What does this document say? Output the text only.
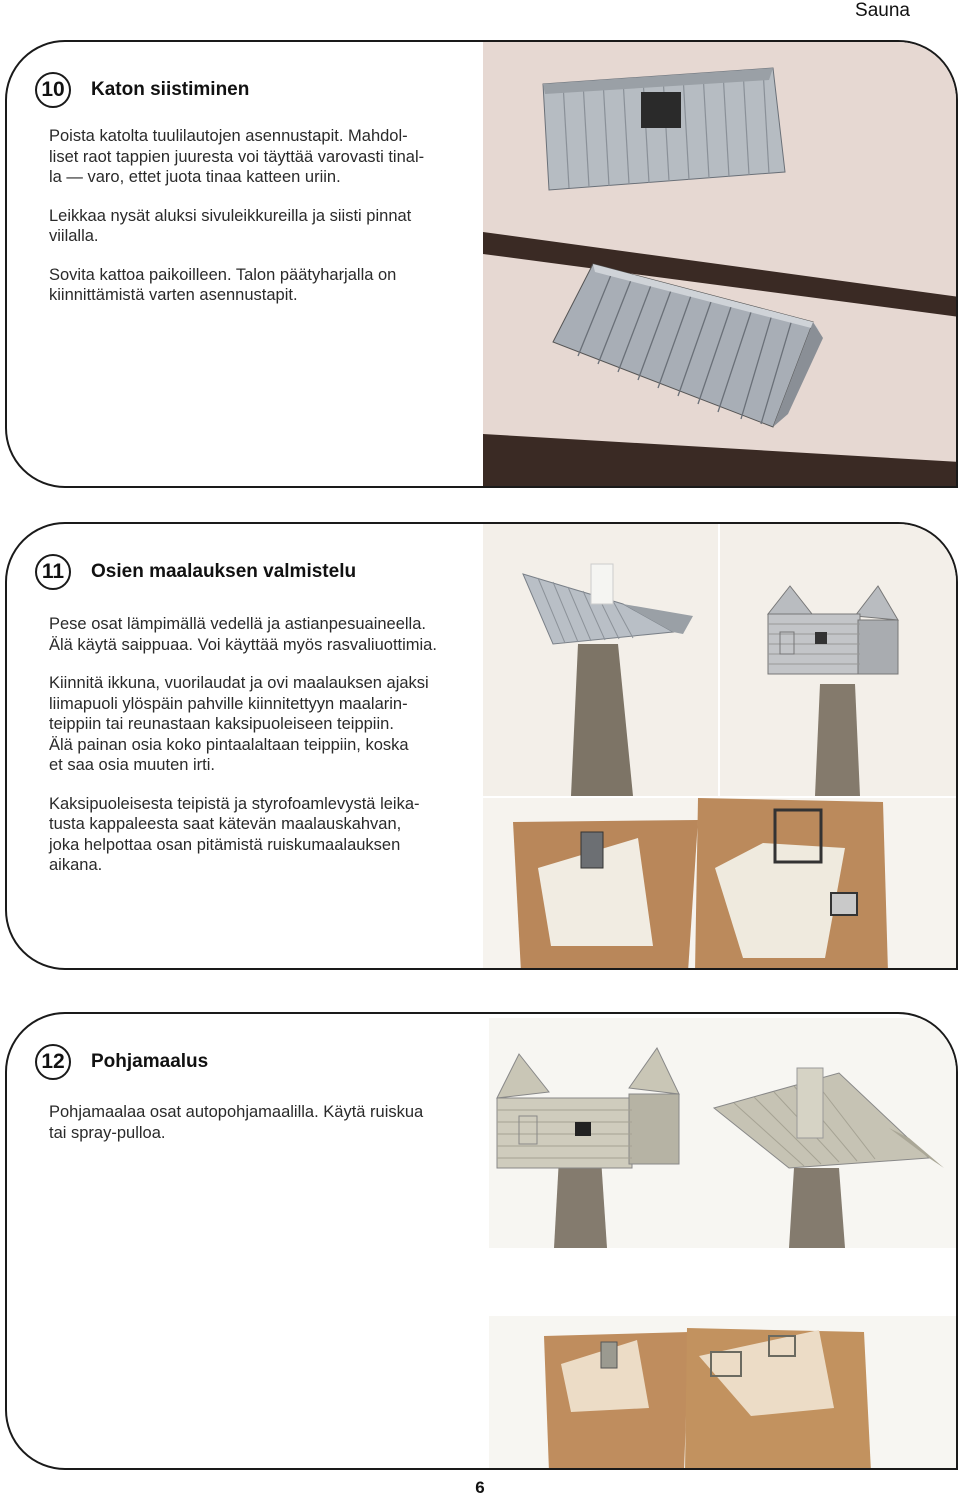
Sauna
10	Katon siistiminen

Poista katolta tuulilautojen asennustapit. Mahdol-
liset raot tappien juuresta voi täyttää varovasti tinal-
la — varo, ettet juota tinaa katteen uriin.

Leikkaa nysät aluksi sivuleikkureilla ja siisti pinnat
viilalla.

Sovita kattoa paikoilleen. Talon päätyharjalla on
kiinnittämistä varten asennustapit.

11	Osien maalauksen valmistelu

Pese osat lämpimällä vedellä ja astianpesuaineella.
Älä käytä saippuaa. Voi käyttää myös rasvaliuottimia.

Kiinnitä ikkuna, vuorilaudat ja ovi maalauksen ajaksi
liimapuoli ylöspäin pahville kiinnitettyyn maalarin-
teippiin tai reunastaan kaksipuoleiseen teippiin.
Älä painan osia koko pintaalaltaan teippiin, koska
et saa osia muuten irti.

Kaksipuoleisesta teipistä ja styrofoamlevystä leika-
tusta kappaleesta saat kätevän maalauskahvan,
joka helpottaa osan pitämistä ruiskumaalauksen
aikana.

12	Pohjamaalus

Pohjamaalaa osat autopohjamaalilla. Käytä ruiskua
tai spray-pulloa.

6
